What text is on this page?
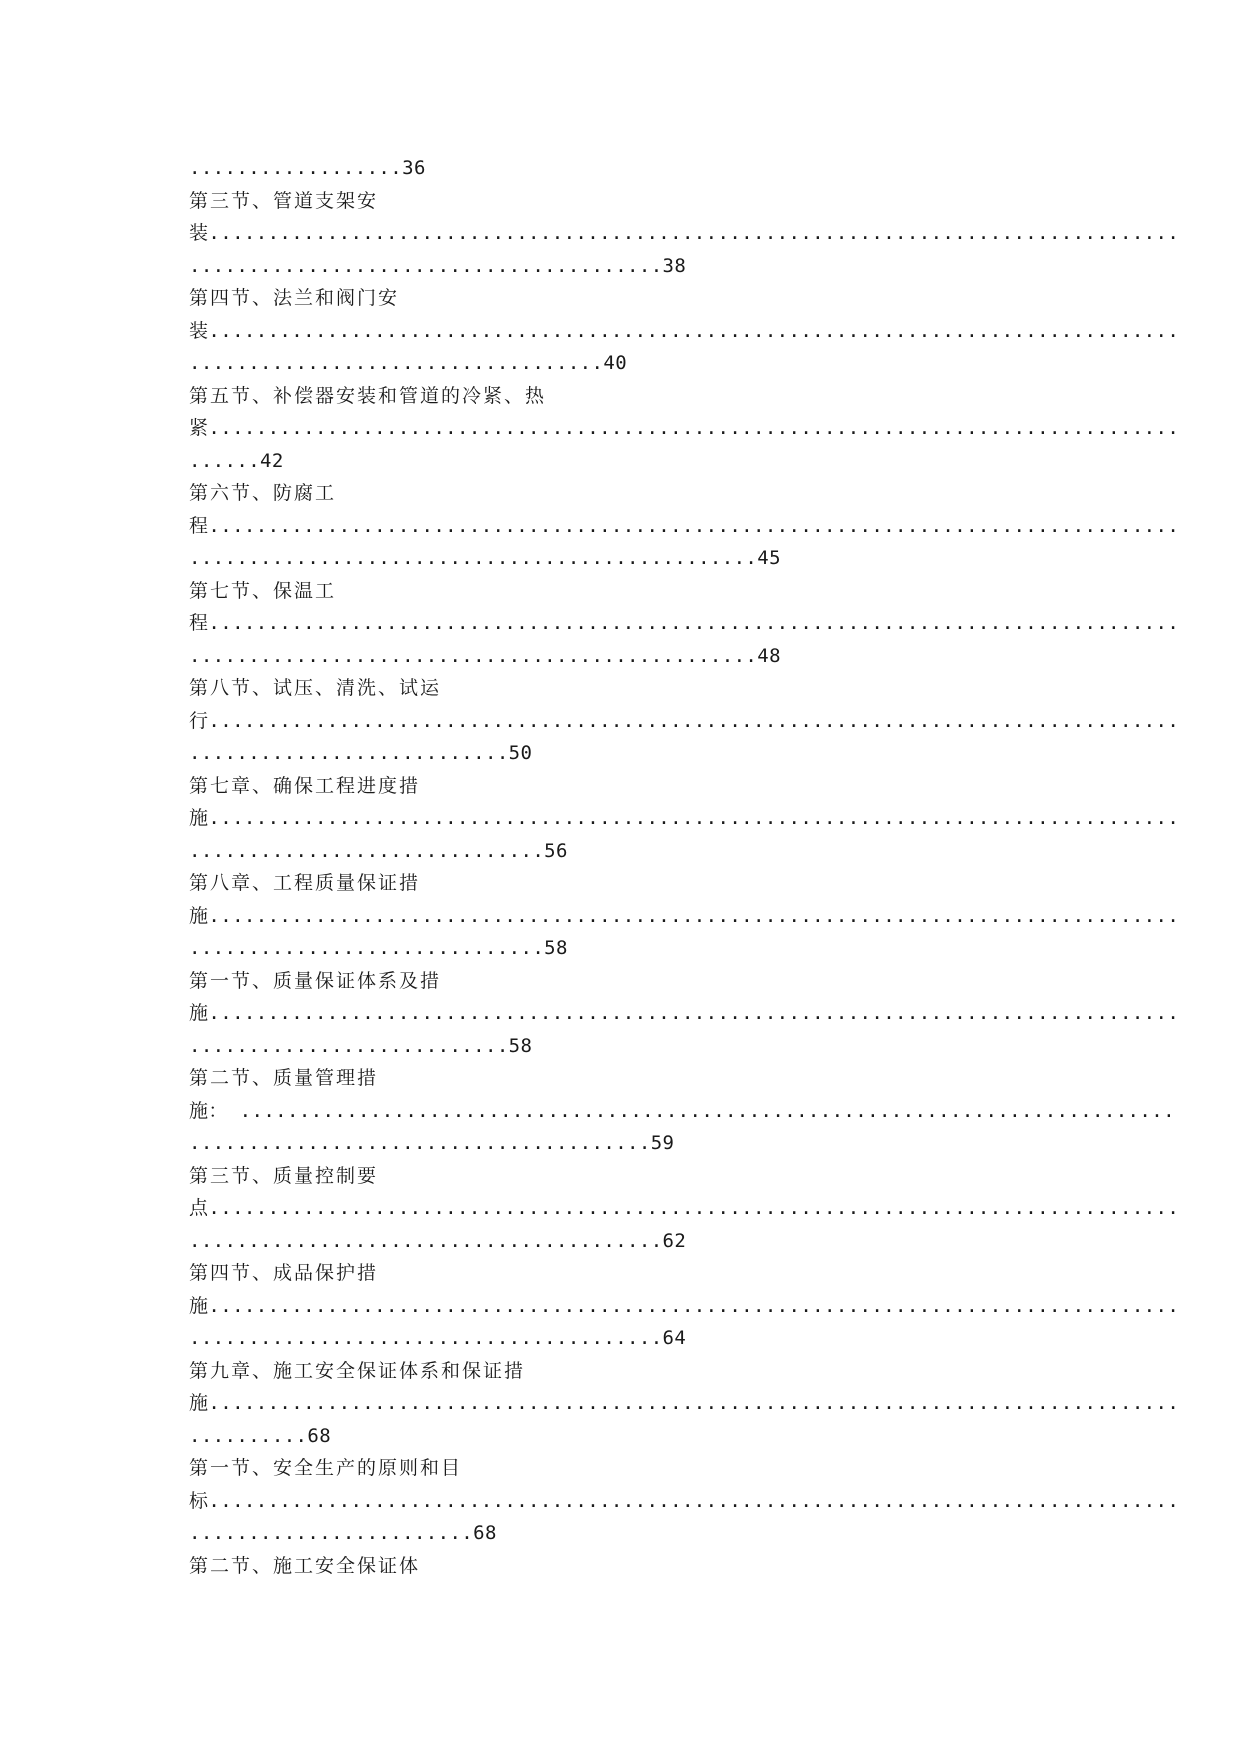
..................36
第三节、管道支架安
装..................................................................................
........................................38
第四节、法兰和阀门安
装..................................................................................
...................................40
第五节、补偿器安装和管道的冷紧、热
紧..................................................................................
......42
第六节、防腐工
程..................................................................................
................................................45
第七节、保温工
程..................................................................................
................................................48
第八节、试压、清洗、试运
行..................................................................................
...........................50
第七章、确保工程进度措
施..................................................................................
..............................56
第八章、工程质量保证措
施..................................................................................
..............................58
第一节、质量保证体系及措
施..................................................................................
...........................58
第二节、质量管理措
施： ...............................................................................
.......................................59
第三节、质量控制要
点..................................................................................
........................................62
第四节、成品保护措
施..................................................................................
........................................64
第九章、施工安全保证体系和保证措
施..................................................................................
..........68
第一节、安全生产的原则和目
标..................................................................................
........................68
第二节、施工安全保证体
